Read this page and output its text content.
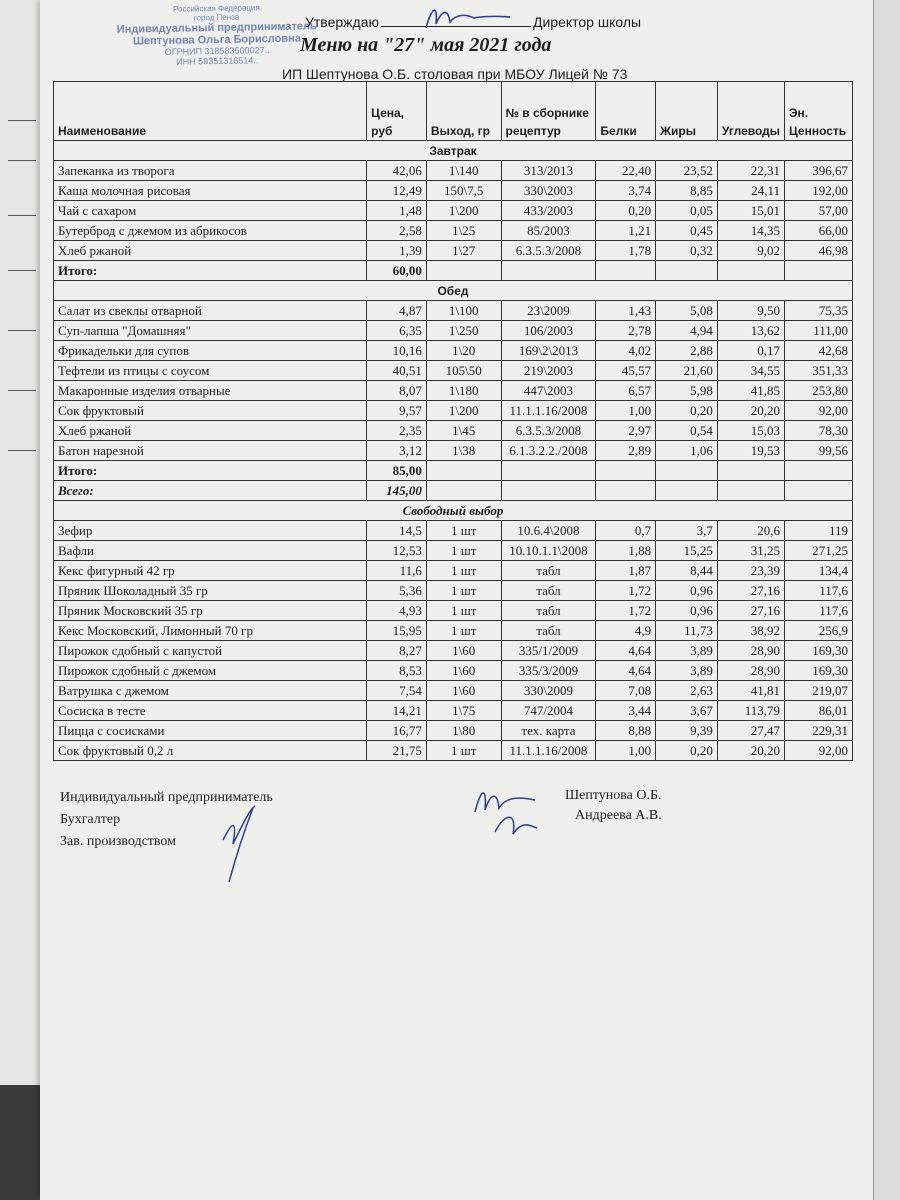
Российская Федерация
город Пенза
Индивидуальный предприниматель
Шептунова Ольга Борисловна
ОГРНИП 318583500027..
ИНН 58351316514..
Утверждаю	Директор школы
Меню на "27" мая 2021 года
ИП Шептунова О.Б. столовая при МБОУ Лицей № 73
Наименование	Цена, руб	Выход, гр	№ в сборнике рецептур	Белки	Жиры	Углеводы	Эн. Ценность
Завтрак							
Запеканка из творога	42,06	1\140	313/2013	22,40	23,52	22,31	396,67
Каша молочная рисовая	12,49	150\7,5	330\2003	3,74	8,85	24,11	192,00
Чай с сахаром	1,48	1\200	433/2003	0,20	0,05	15,01	57,00
Бутерброд с джемом из абрикосов	2,58	1\25	85/2003	1,21	0,45	14,35	66,00
Хлеб ржаной	1,39	1\27	6.3.5.3/2008	1,78	0,32	9,02	46,98
Итого:	60,00						
Обед							
Салат из свеклы отварной	4,87	1\100	23\2009	1,43	5,08	9,50	75,35
Суп-лапша "Домашняя"	6,35	1\250	106/2003	2,78	4,94	13,62	111,00
Фрикадельки для супов	10,16	1\20	169\2\2013	4,02	2,88	0,17	42,68
Тефтели из птицы с соусом	40,51	105\50	219\2003	45,57	21,60	34,55	351,33
Макаронные изделия отварные	8,07	1\180	447\2003	6,57	5,98	41,85	253,80
Сок фруктовый	9,57	1\200	11.1.1.16/2008	1,00	0,20	20,20	92,00
Хлеб ржаной	2,35	1\45	6.3.5.3/2008	2,97	0,54	15,03	78,30
Батон нарезной	3,12	1\38	6.1.3.2.2./2008	2,89	1,06	19,53	99,56
Итого:	85,00						
Всего:	145,00						
Свободный выбор							
Зефир	14,5	1 шт	10.6.4\2008	0,7	3,7	20,6	119
Вафли	12,53	1 шт	10.10.1.1\2008	1,88	15,25	31,25	271,25
Кекс фигурный 42 гр	11,6	1 шт	табл	1,87	8,44	23,39	134,4
Пряник Шоколадный 35 гр	5,36	1 шт	табл	1,72	0,96	27,16	117,6
Пряник Московский 35 гр	4,93	1 шт	табл	1,72	0,96	27,16	117,6
Кекс Московский, Лимонный 70 гр	15,95	1 шт	табл	4,9	11,73	38,92	256,9
Пирожок сдобный с капустой	8,27	1\60	335/1/2009	4,64	3,89	28,90	169,30
Пирожок сдобный с джемом	8,53	1\60	335/3/2009	4,64	3,89	28,90	169,30
Ватрушка с джемом	7,54	1\60	330\2009	7,08	2,63	41,81	219,07
Сосиска в тесте	14,21	1\75	747/2004	3,44	3,67	113,79	86,01
Пицца с сосисками	16,77	1\80	тех. карта	8,88	9,39	27,47	229,31
Сок фруктовый 0,2 л	21,75	1 шт	11.1.1.16/2008	1,00	0,20	20,20	92,00
Индивидуальный предприниматель
Бухгалтер
Зав. производством
Шептунова О.Б.
Андреева А.В.
